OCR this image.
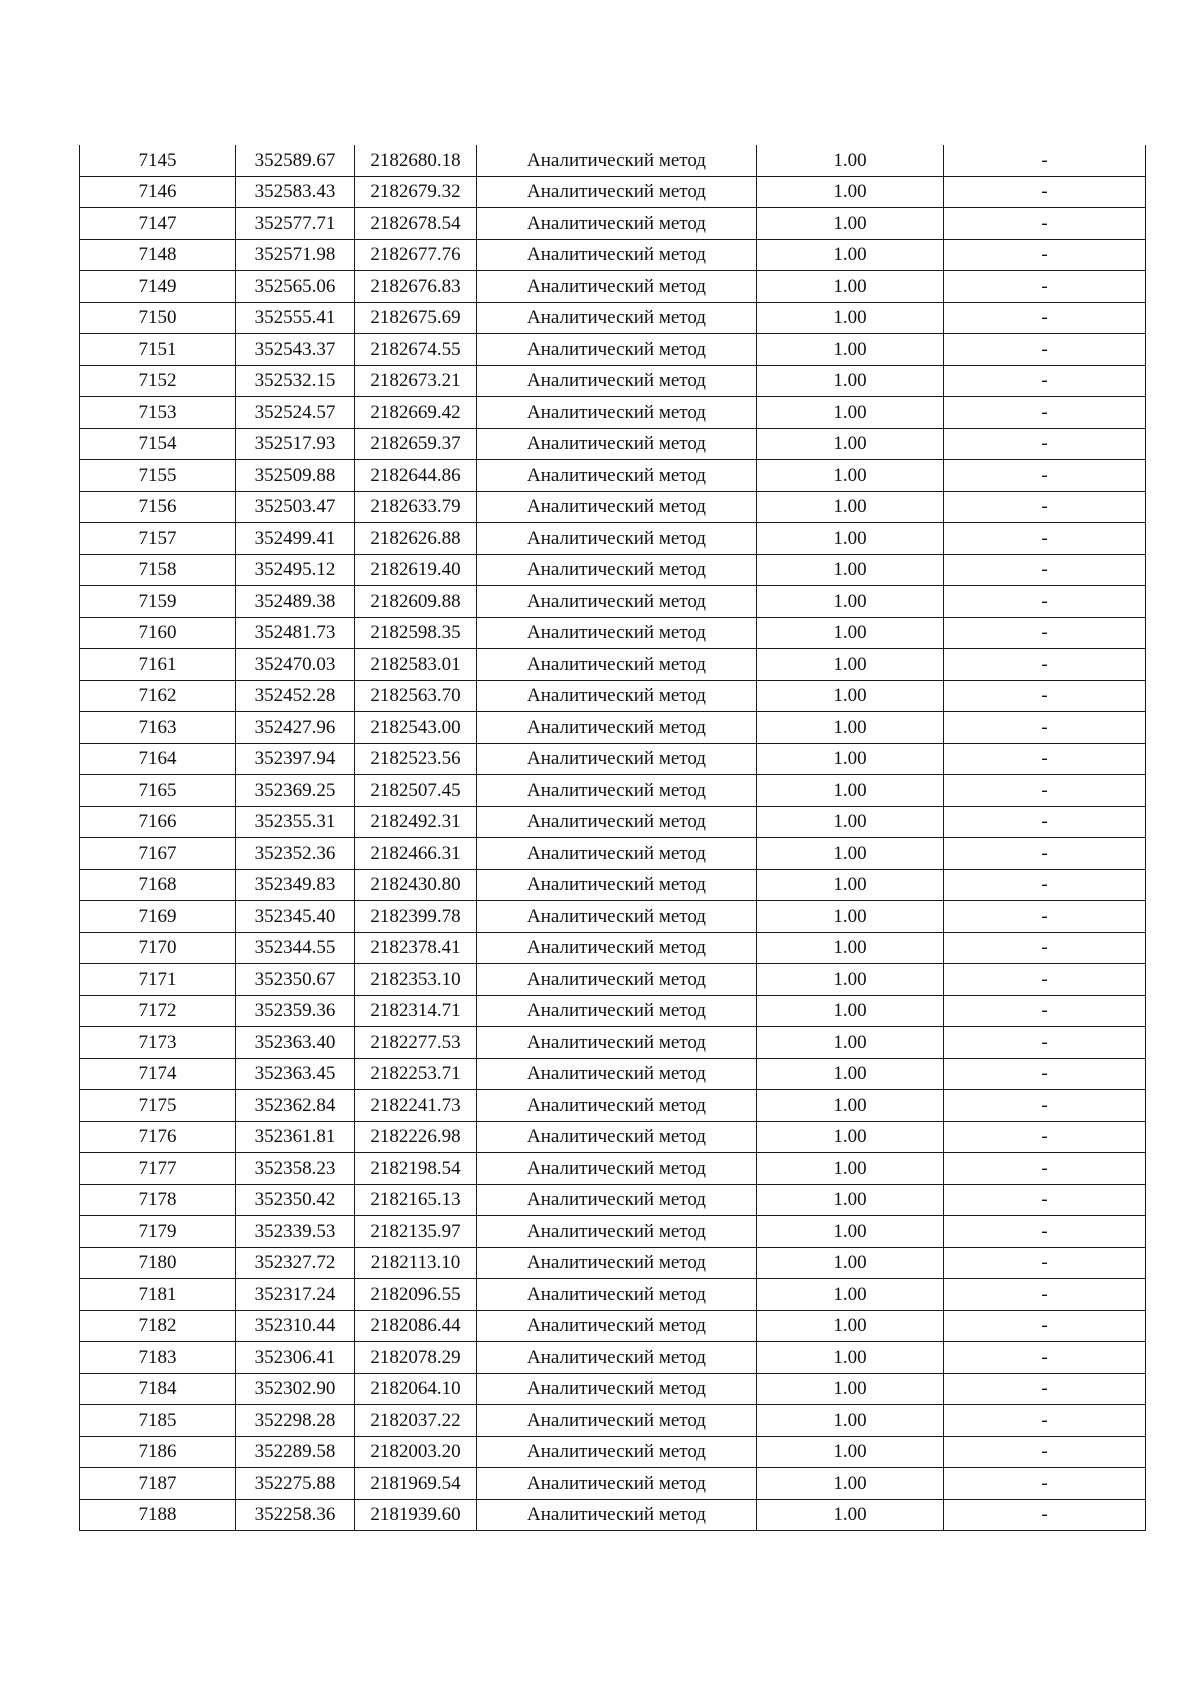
7145	352589.67	2182680.18	Аналитический метод	1.00	-
7146	352583.43	2182679.32	Аналитический метод	1.00	-
7147	352577.71	2182678.54	Аналитический метод	1.00	-
7148	352571.98	2182677.76	Аналитический метод	1.00	-
7149	352565.06	2182676.83	Аналитический метод	1.00	-
7150	352555.41	2182675.69	Аналитический метод	1.00	-
7151	352543.37	2182674.55	Аналитический метод	1.00	-
7152	352532.15	2182673.21	Аналитический метод	1.00	-
7153	352524.57	2182669.42	Аналитический метод	1.00	-
7154	352517.93	2182659.37	Аналитический метод	1.00	-
7155	352509.88	2182644.86	Аналитический метод	1.00	-
7156	352503.47	2182633.79	Аналитический метод	1.00	-
7157	352499.41	2182626.88	Аналитический метод	1.00	-
7158	352495.12	2182619.40	Аналитический метод	1.00	-
7159	352489.38	2182609.88	Аналитический метод	1.00	-
7160	352481.73	2182598.35	Аналитический метод	1.00	-
7161	352470.03	2182583.01	Аналитический метод	1.00	-
7162	352452.28	2182563.70	Аналитический метод	1.00	-
7163	352427.96	2182543.00	Аналитический метод	1.00	-
7164	352397.94	2182523.56	Аналитический метод	1.00	-
7165	352369.25	2182507.45	Аналитический метод	1.00	-
7166	352355.31	2182492.31	Аналитический метод	1.00	-
7167	352352.36	2182466.31	Аналитический метод	1.00	-
7168	352349.83	2182430.80	Аналитический метод	1.00	-
7169	352345.40	2182399.78	Аналитический метод	1.00	-
7170	352344.55	2182378.41	Аналитический метод	1.00	-
7171	352350.67	2182353.10	Аналитический метод	1.00	-
7172	352359.36	2182314.71	Аналитический метод	1.00	-
7173	352363.40	2182277.53	Аналитический метод	1.00	-
7174	352363.45	2182253.71	Аналитический метод	1.00	-
7175	352362.84	2182241.73	Аналитический метод	1.00	-
7176	352361.81	2182226.98	Аналитический метод	1.00	-
7177	352358.23	2182198.54	Аналитический метод	1.00	-
7178	352350.42	2182165.13	Аналитический метод	1.00	-
7179	352339.53	2182135.97	Аналитический метод	1.00	-
7180	352327.72	2182113.10	Аналитический метод	1.00	-
7181	352317.24	2182096.55	Аналитический метод	1.00	-
7182	352310.44	2182086.44	Аналитический метод	1.00	-
7183	352306.41	2182078.29	Аналитический метод	1.00	-
7184	352302.90	2182064.10	Аналитический метод	1.00	-
7185	352298.28	2182037.22	Аналитический метод	1.00	-
7186	352289.58	2182003.20	Аналитический метод	1.00	-
7187	352275.88	2181969.54	Аналитический метод	1.00	-
7188	352258.36	2181939.60	Аналитический метод	1.00	-
